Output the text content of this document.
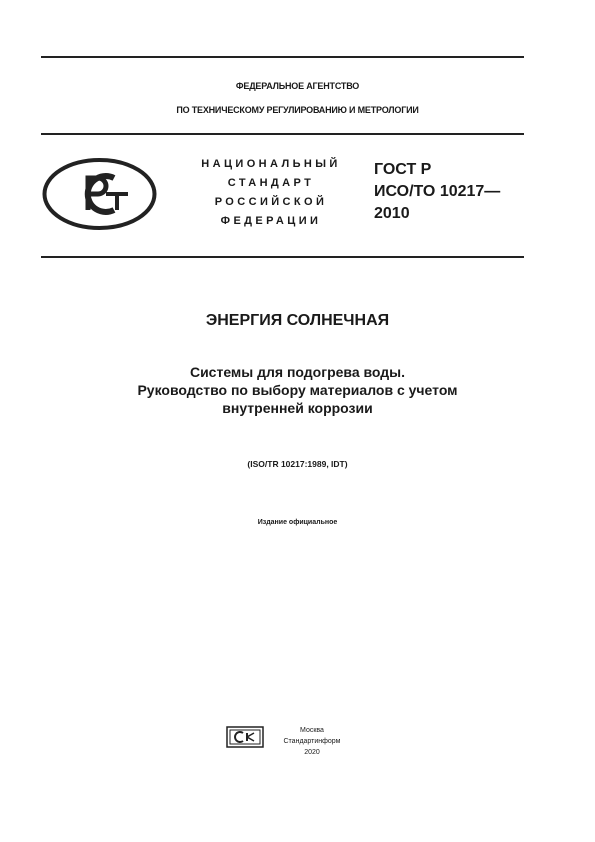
ФЕДЕРАЛЬНОЕ АГЕНТСТВО
ПО ТЕХНИЧЕСКОМУ РЕГУЛИРОВАНИЮ И МЕТРОЛОГИИ
НАЦИОНАЛЬНЫЙ
СТАНДАРТ
РОССИЙСКОЙ
ФЕДЕРАЦИИ
ГОСТ Р
ИСО/ТО 10217—
2010
ЭНЕРГИЯ СОЛНЕЧНАЯ
Системы для подогрева воды.
Руководство по выбору материалов с учетом
внутренней коррозии
(ISO/TR 10217:1989, IDT)
Издание официальное
Москва
Стандартинформ
2020
